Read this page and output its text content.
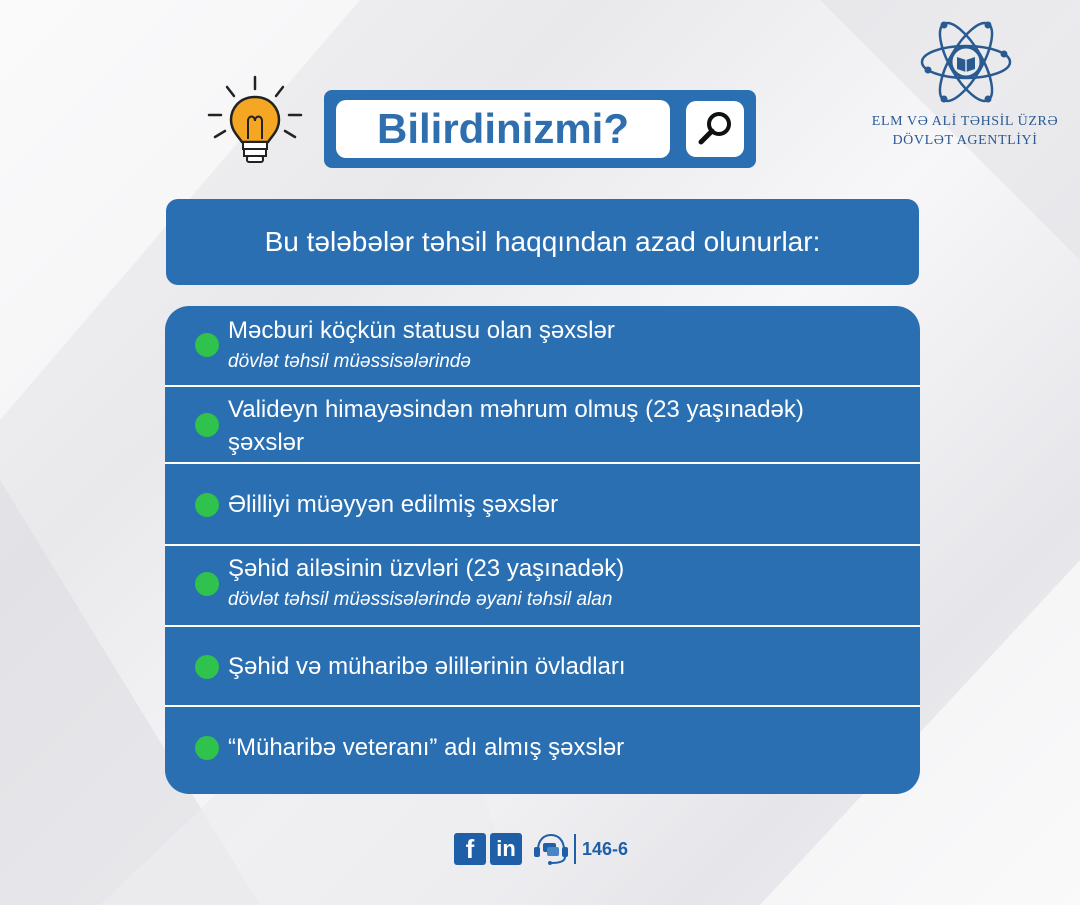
Bilirdinizmi?	ELM VƏ ALİ TƏHSİL ÜZRƏ
DÖVLƏT AGENTLİYİ
Bu tələbələr təhsil haqqından azad olunurlar:
Məcburi köçkün statusu olan şəxslər
dövlət təhsil müəssisələrində
Valideyn himayəsindən məhrum olmuş (23 yaşınadək)
şəxslər
Əlilliyi müəyyən edilmiş şəxslər
Şəhid ailəsinin üzvləri (23 yaşınadək)
dövlət təhsil müəssisələrində əyani təhsil alan
Şəhid və müharibə əlillərinin övladları
“Müharibə veteranı” adı almış şəxslər
f in	146-6
